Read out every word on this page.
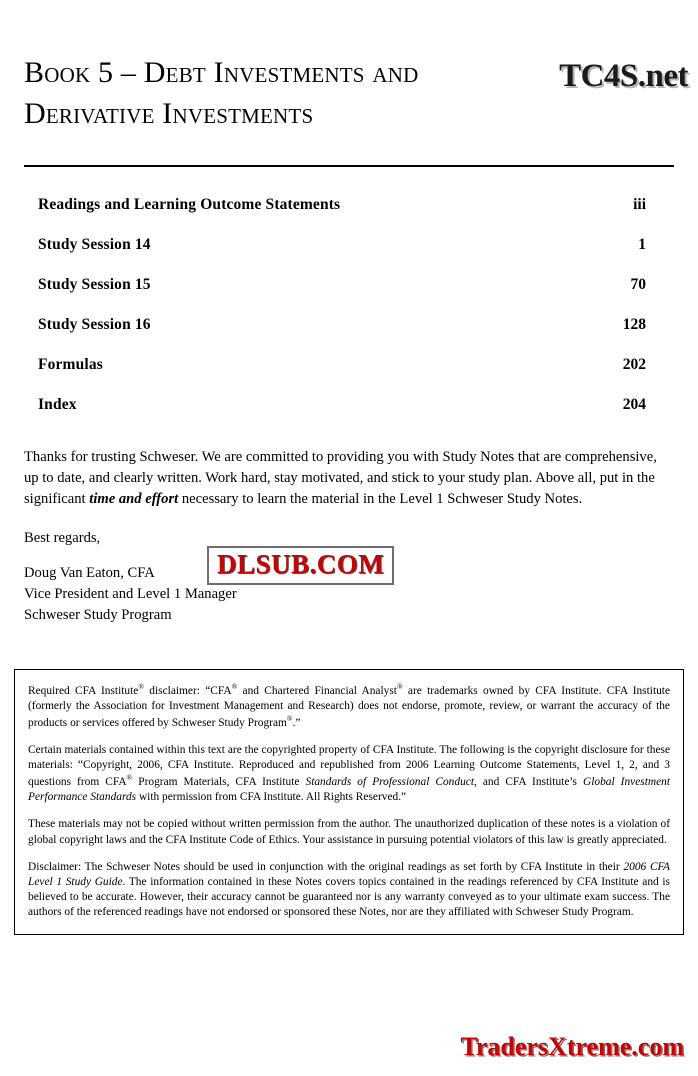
TC4S.net
Book 5 – Debt Investments and
Derivative Investments
Readings and Learning Outcome Statements	iii
Study Session 14	1
Study Session 15	70
Study Session 16	128
Formulas	202
Index	204

Thanks for trusting Schweser. We are committed to providing you with Study Notes that are comprehensive, up to date, and clearly written. Work hard, stay motivated, and stick to your study plan. Above all, put in the significant time and effort necessary to learn the material in the Level 1 Schweser Study Notes.

Best regards,

Doug Van Eaton, CFA
Vice President and Level 1 Manager
Schweser Study Program
DLSUB.COM

Required CFA Institute® disclaimer: “CFA® and Chartered Financial Analyst® are trademarks owned by CFA Institute. CFA Institute (formerly the Association for Investment Management and Research) does not endorse, promote, review, or warrant the accuracy of the products or services offered by Schweser Study Program®.”

Certain materials contained within this text are the copyrighted property of CFA Institute. The following is the copyright disclosure for these materials: “Copyright, 2006, CFA Institute. Reproduced and republished from 2006 Learning Outcome Statements, Level 1, 2, and 3 questions from CFA® Program Materials, CFA Institute Standards of Professional Conduct, and CFA Institute’s Global Investment Performance Standards with permission from CFA Institute. All Rights Reserved.”

These materials may not be copied without written permission from the author. The unauthorized duplication of these notes is a violation of global copyright laws and the CFA Institute Code of Ethics. Your assistance in pursuing potential violators of this law is greatly appreciated.

Disclaimer: The Schweser Notes should be used in conjunction with the original readings as set forth by CFA Institute in their 2006 CFA Level 1 Study Guide. The information contained in these Notes covers topics contained in the readings referenced by CFA Institute and is believed to be accurate. However, their accuracy cannot be guaranteed nor is any warranty conveyed as to your ultimate exam success. The authors of the referenced readings have not endorsed or sponsored these Notes, nor are they affiliated with Schweser Study Program.

TradersXtreme.com
